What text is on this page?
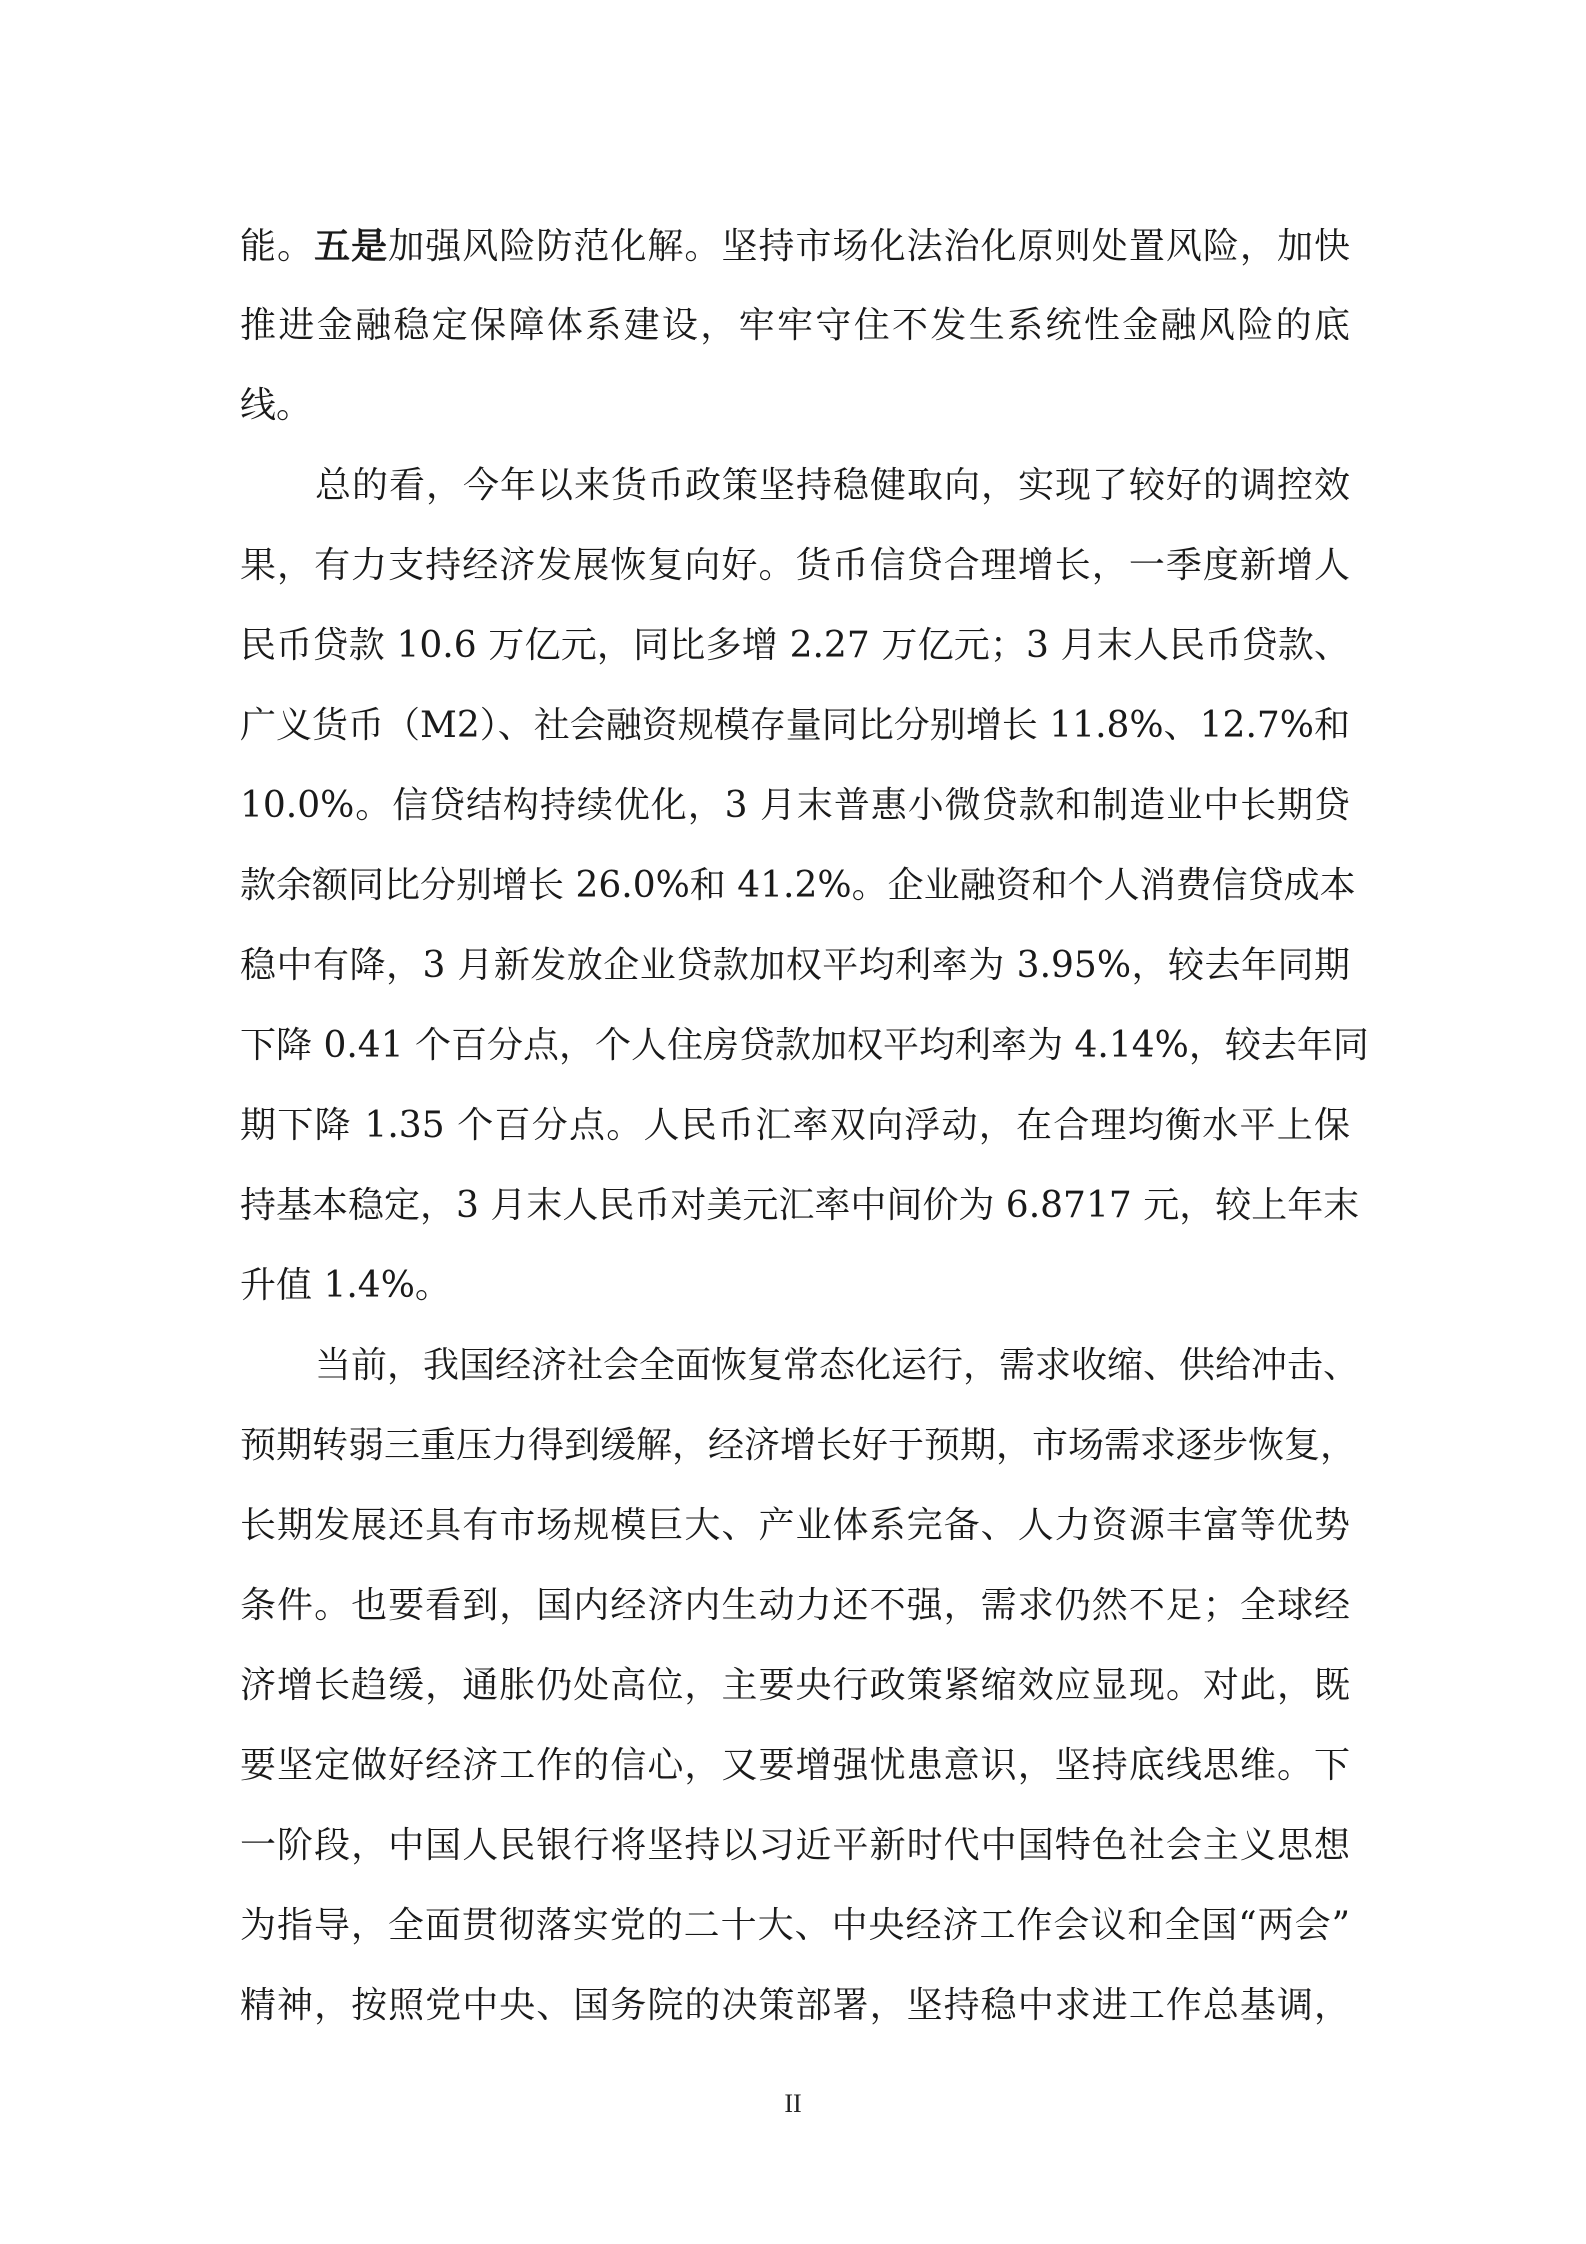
能。五是加强风险防范化解。坚持市场化法治化原则处置风险，加快
推进金融稳定保障体系建设，牢牢守住不发生系统性金融风险的底
线。
总的看，今年以来货币政策坚持稳健取向，实现了较好的调控效
果，有力支持经济发展恢复向好。货币信贷合理增长，一季度新增人
民币贷款 10.6 万亿元，同比多增 2.27 万亿元；3 月末人民币贷款、
广义货币（M2）、社会融资规模存量同比分别增长 11.8%、12.7%和
10.0%。信贷结构持续优化，3 月末普惠小微贷款和制造业中长期贷
款余额同比分别增长 26.0%和 41.2%。企业融资和个人消费信贷成本
稳中有降，3 月新发放企业贷款加权平均利率为 3.95%，较去年同期
下降 0.41 个百分点，个人住房贷款加权平均利率为 4.14%，较去年同
期下降 1.35 个百分点。人民币汇率双向浮动，在合理均衡水平上保
持基本稳定，3 月末人民币对美元汇率中间价为 6.8717 元，较上年末
升值 1.4%。
当前，我国经济社会全面恢复常态化运行，需求收缩、供给冲击、
预期转弱三重压力得到缓解，经济增长好于预期，市场需求逐步恢复，
长期发展还具有市场规模巨大、产业体系完备、人力资源丰富等优势
条件。也要看到，国内经济内生动力还不强，需求仍然不足；全球经
济增长趋缓，通胀仍处高位，主要央行政策紧缩效应显现。对此，既
要坚定做好经济工作的信心，又要增强忧患意识，坚持底线思维。下
一阶段，中国人民银行将坚持以习近平新时代中国特色社会主义思想
为指导，全面贯彻落实党的二十大、中央经济工作会议和全国“两会”
精神，按照党中央、国务院的决策部署，坚持稳中求进工作总基调，
II
